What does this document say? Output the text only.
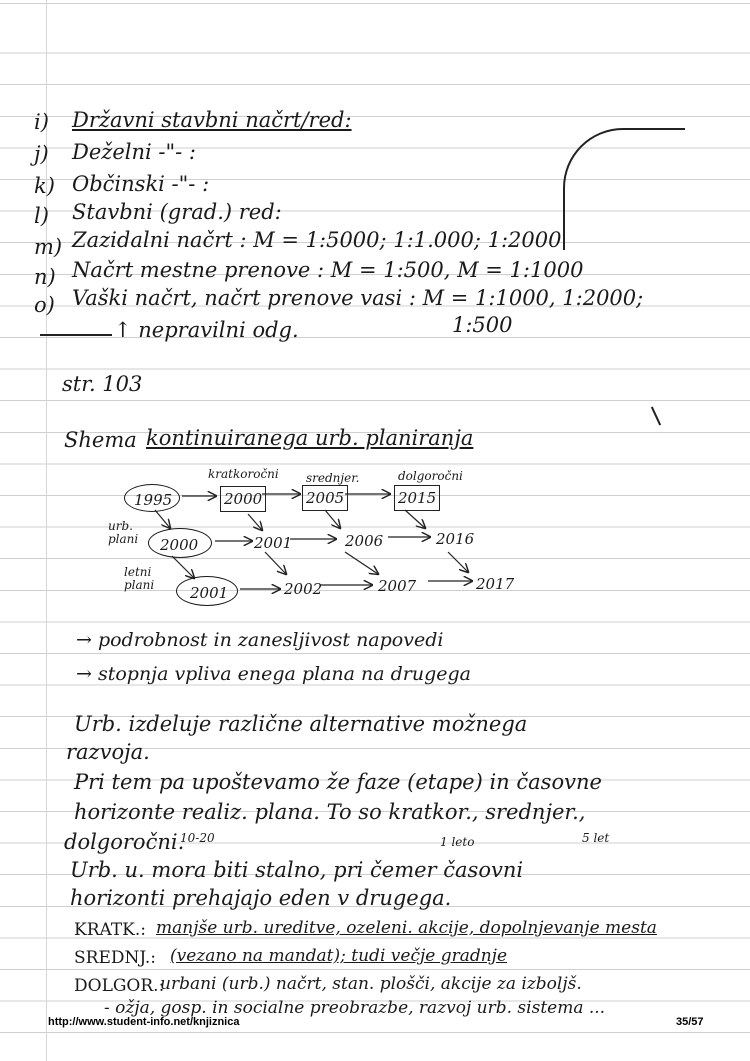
i) Državni stavbni načrt/red:
j) Deželni -"- :
k) Občinski -"- :
l) Stavbni (grad.) red:
m) Zazidalni načrt : M = 1:5000; 1:1.000; 1:2000
n) Načrt mestne prenove : M = 1:500, M = 1:1000
o) Vaški načrt, načrt prenove vasi : M = 1:1000, 1:2000;
1:500
↑ nepravilni odg.
str. 103
Shema kontinuiranega urb. planiranja
kratkoročni srednjer.	dolgoročni
1995	2000	2005	2015
urb. plani	2000	2001	2006	2016
letni plani	2001	2002	2007	2017
→ podrobnost in zanesljivost napovedi
→ stopnja vpliva enega plana na drugega
Urb. izdeluje različne alternative možnega
razvoja.
Pri tem pa upoštevamo že faze (etape) in časovne
horizonte realiz. plana. To so kratkor., srednjer.,
dolgoročni.
10-20	1 leto	5 let
Urb. u. mora biti stalno, pri čemer časovni
horizonti prehajajo eden v drugega.
KRATK.: manjše urb. ureditve, ozeleni. akcije, dopolnjevanje mesta
SREDNJ.: (vezano na mandat); tudi večje gradnje
DOLGOR.:
urbani (urb.) načrt, stan. plošči, akcije za izboljš.
- ožja, gosp. in socialne preobrazbe, razvoj urb. sistema ...
http://www.student-info.net/knjiznica	35/57
